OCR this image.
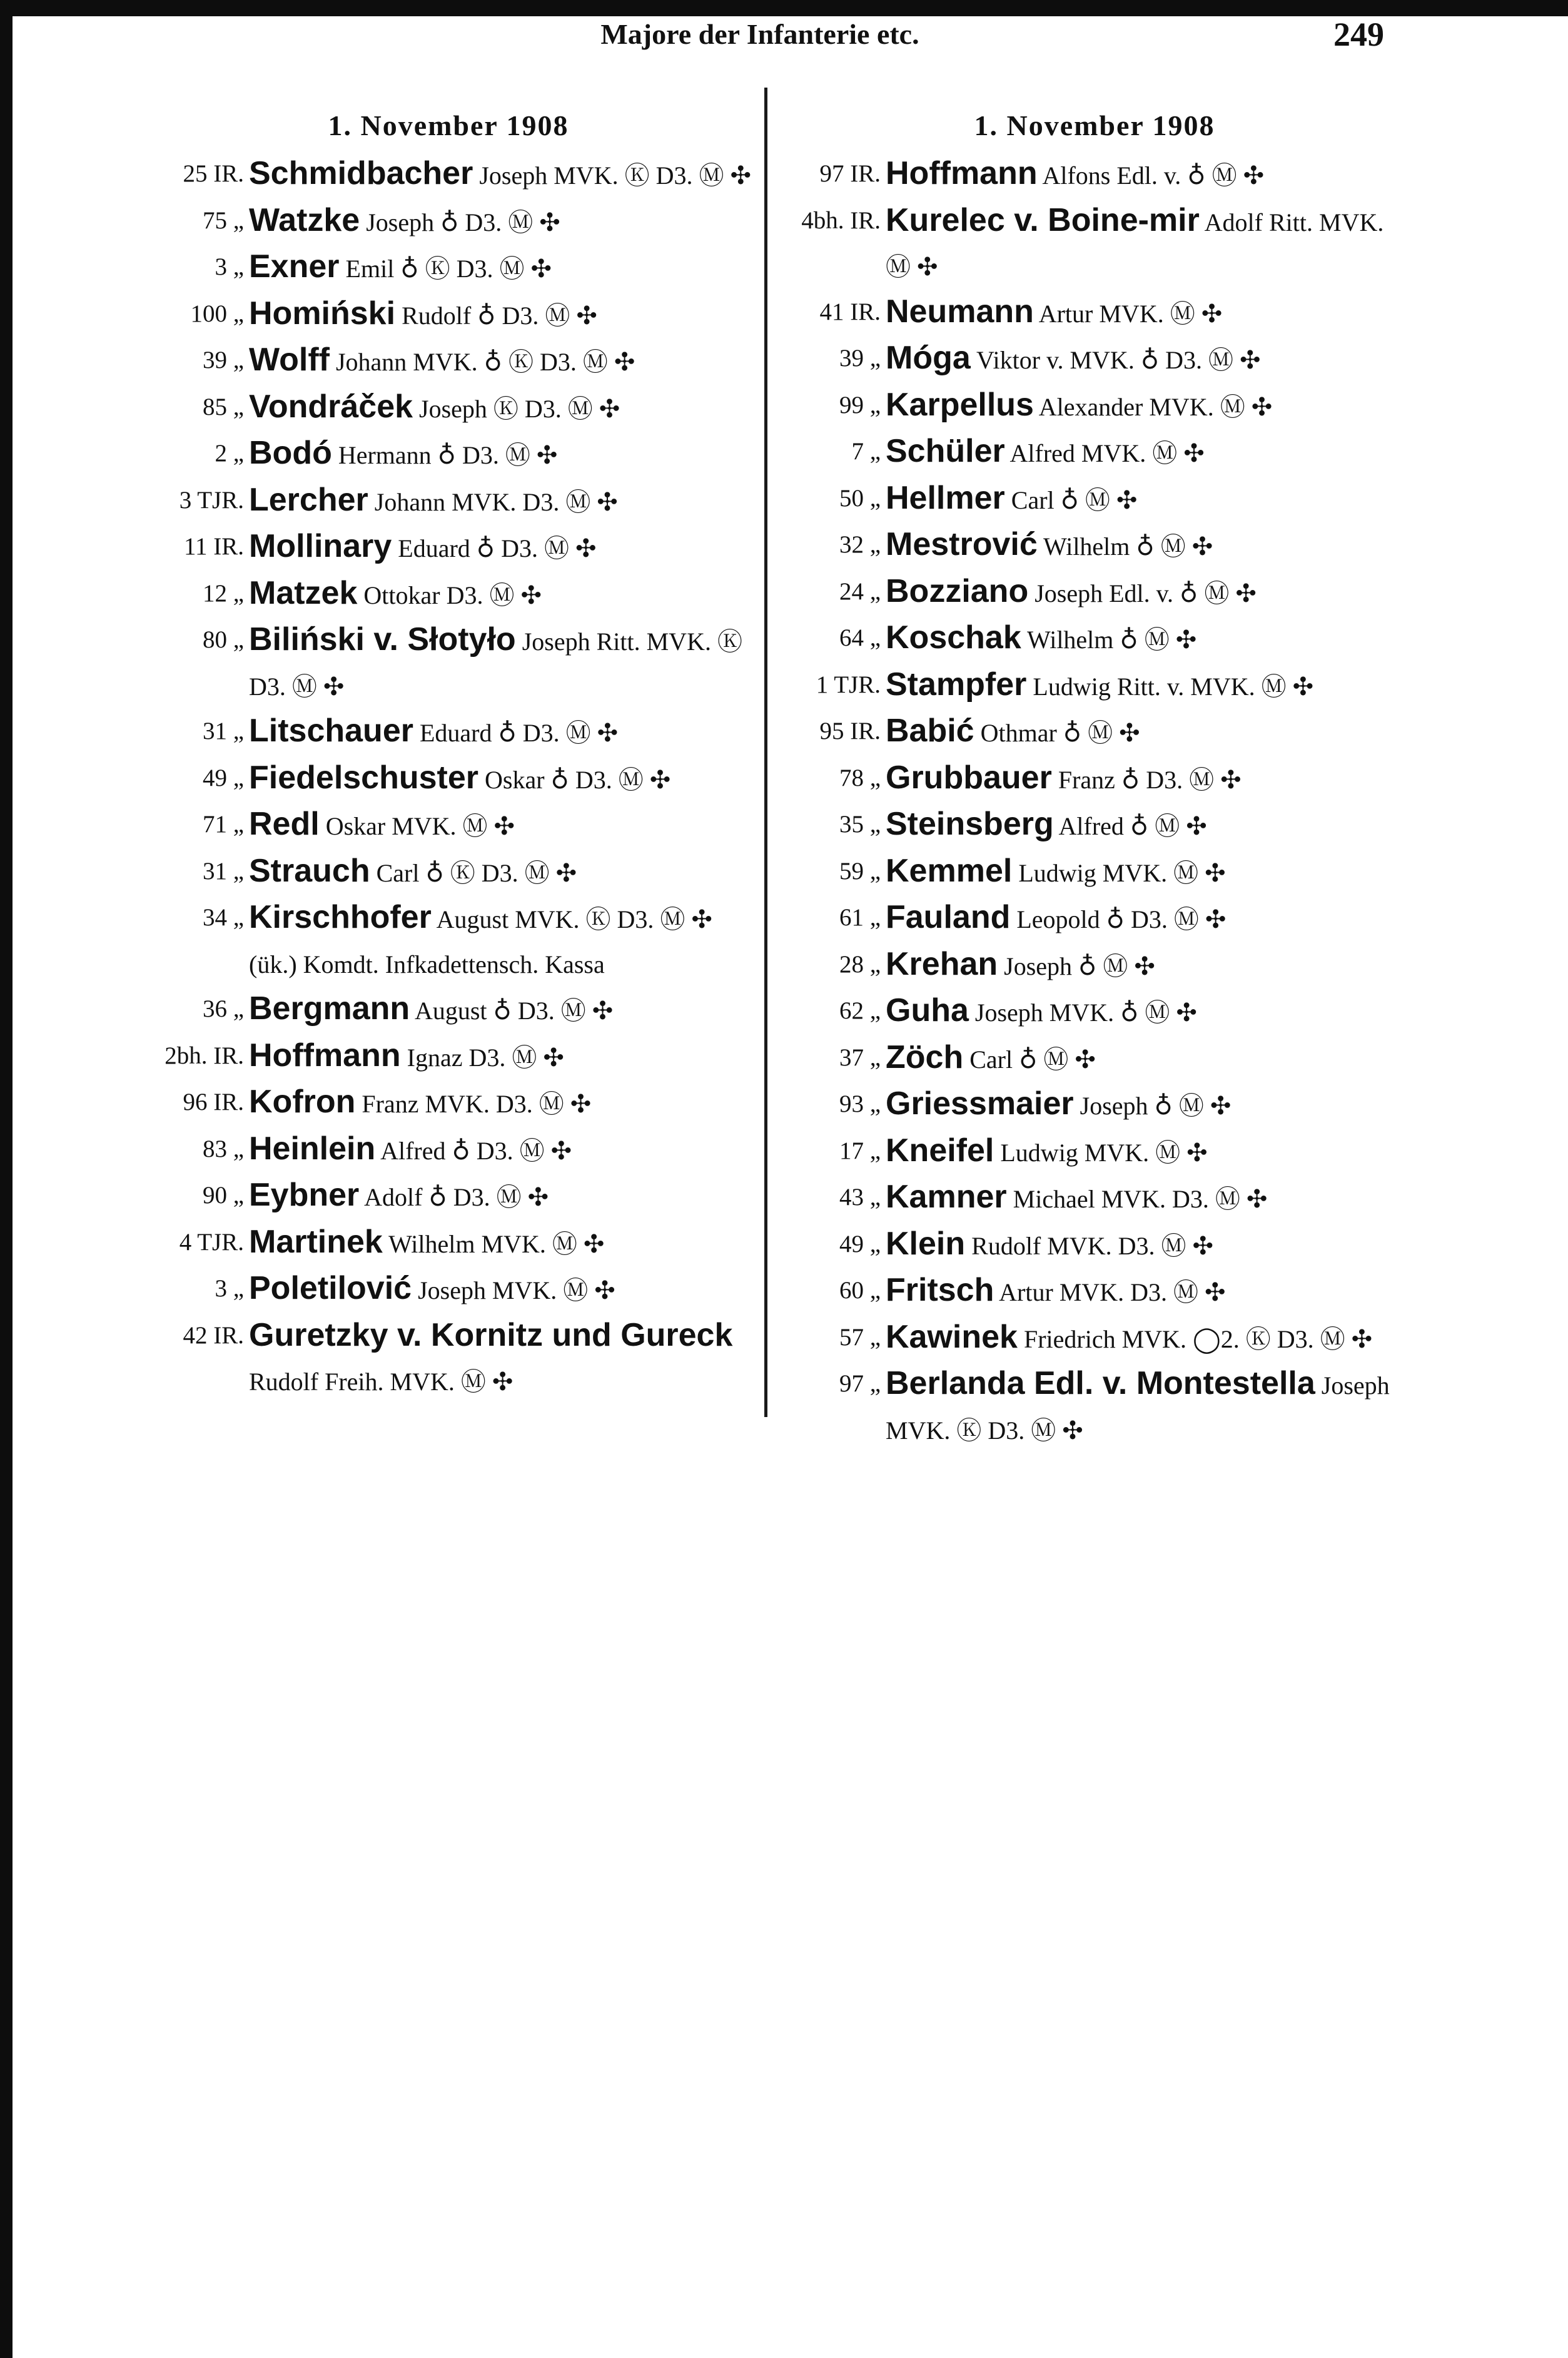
Majore der Infanterie etc.	249
1. November 1908
25 IR. Schmidbacher Joseph MVK. Ⓚ D3. Ⓜ ✣
75 „ Watzke Joseph ♁ D3. Ⓜ ✣
3 „ Exner Emil ♁ Ⓚ D3. Ⓜ ✣
100 „ Homiński Rudolf ♁ D3. Ⓜ ✣
39 „ Wolff Johann MVK. ♁ Ⓚ D3. Ⓜ ✣
85 „ Vondráček Joseph Ⓚ D3. Ⓜ ✣
2 „ Bodó Hermann ♁ D3. Ⓜ ✣
3 TJR. Lercher Johann MVK. D3. Ⓜ ✣
11 IR. Mollinary Eduard ♁ D3. Ⓜ ✣
12 „ Matzek Ottokar D3. Ⓜ ✣
80 „ Biliński v. Słotyło Joseph Ritt. MVK. Ⓚ D3. Ⓜ ✣
31 „ Litschauer Eduard ♁ D3. Ⓜ ✣
49 „ Fiedelschuster Oskar ♁ D3. Ⓜ ✣
71 „ Redl Oskar MVK. Ⓜ ✣
31 „ Strauch Carl ♁ Ⓚ D3. Ⓜ ✣
34 „ Kirschhofer August MVK. Ⓚ D3. Ⓜ ✣ (ük.) Komdt. Infkadettensch. Kassa
36 „ Bergmann August ♁ D3. Ⓜ ✣
2bh. IR. Hoffmann Ignaz D3. Ⓜ ✣
96 IR. Kofron Franz MVK. D3. Ⓜ ✣
83 „ Heinlein Alfred ♁ D3. Ⓜ ✣
90 „ Eybner Adolf ♁ D3. Ⓜ ✣
4 TJR. Martinek Wilhelm MVK. Ⓜ ✣
3 „ Poletilović Joseph MVK. Ⓜ ✣
42 IR. Guretzky v. Kornitz und Gureck Rudolf Freih. MVK. Ⓜ ✣
1. November 1908
97 IR. Hoffmann Alfons Edl. v. ♁ Ⓜ ✣
4bh. IR. Kurelec v. Boine-mir Adolf Ritt. MVK. Ⓜ ✣
41 IR. Neumann Artur MVK. Ⓜ ✣
39 „ Móga Viktor v. MVK. ♁ D3. Ⓜ ✣
99 „ Karpellus Alexander MVK. Ⓜ ✣
7 „ Schüler Alfred MVK. Ⓜ ✣
50 „ Hellmer Carl ♁ Ⓜ ✣
32 „ Mestrović Wilhelm ♁ Ⓜ ✣
24 „ Bozziano Joseph Edl. v. ♁ Ⓜ ✣
64 „ Koschak Wilhelm ♁ Ⓜ ✣
1 TJR. Stampfer Ludwig Ritt. v. MVK. Ⓜ ✣
95 IR. Babić Othmar ♁ Ⓜ ✣
78 „ Grubbauer Franz ♁ D3. Ⓜ ✣
35 „ Steinsberg Alfred ♁ Ⓜ ✣
59 „ Kemmel Ludwig MVK. Ⓜ ✣
61 „ Fauland Leopold ♁ D3. Ⓜ ✣
28 „ Krehan Joseph ♁ Ⓜ ✣
62 „ Guha Joseph MVK. ♁ Ⓜ ✣
37 „ Zöch Carl ♁ Ⓜ ✣
93 „ Griessmaier Joseph ♁ Ⓜ ✣
17 „ Kneifel Ludwig MVK. Ⓜ ✣
43 „ Kamner Michael MVK. D3. Ⓜ ✣
49 „ Klein Rudolf MVK. D3. Ⓜ ✣
60 „ Fritsch Artur MVK. D3. Ⓜ ✣
57 „ Kawinek Friedrich MVK. ◯2. Ⓚ D3. Ⓜ ✣
97 „ Berlanda Edl. v. Montestella Joseph MVK. Ⓚ D3. Ⓜ ✣
